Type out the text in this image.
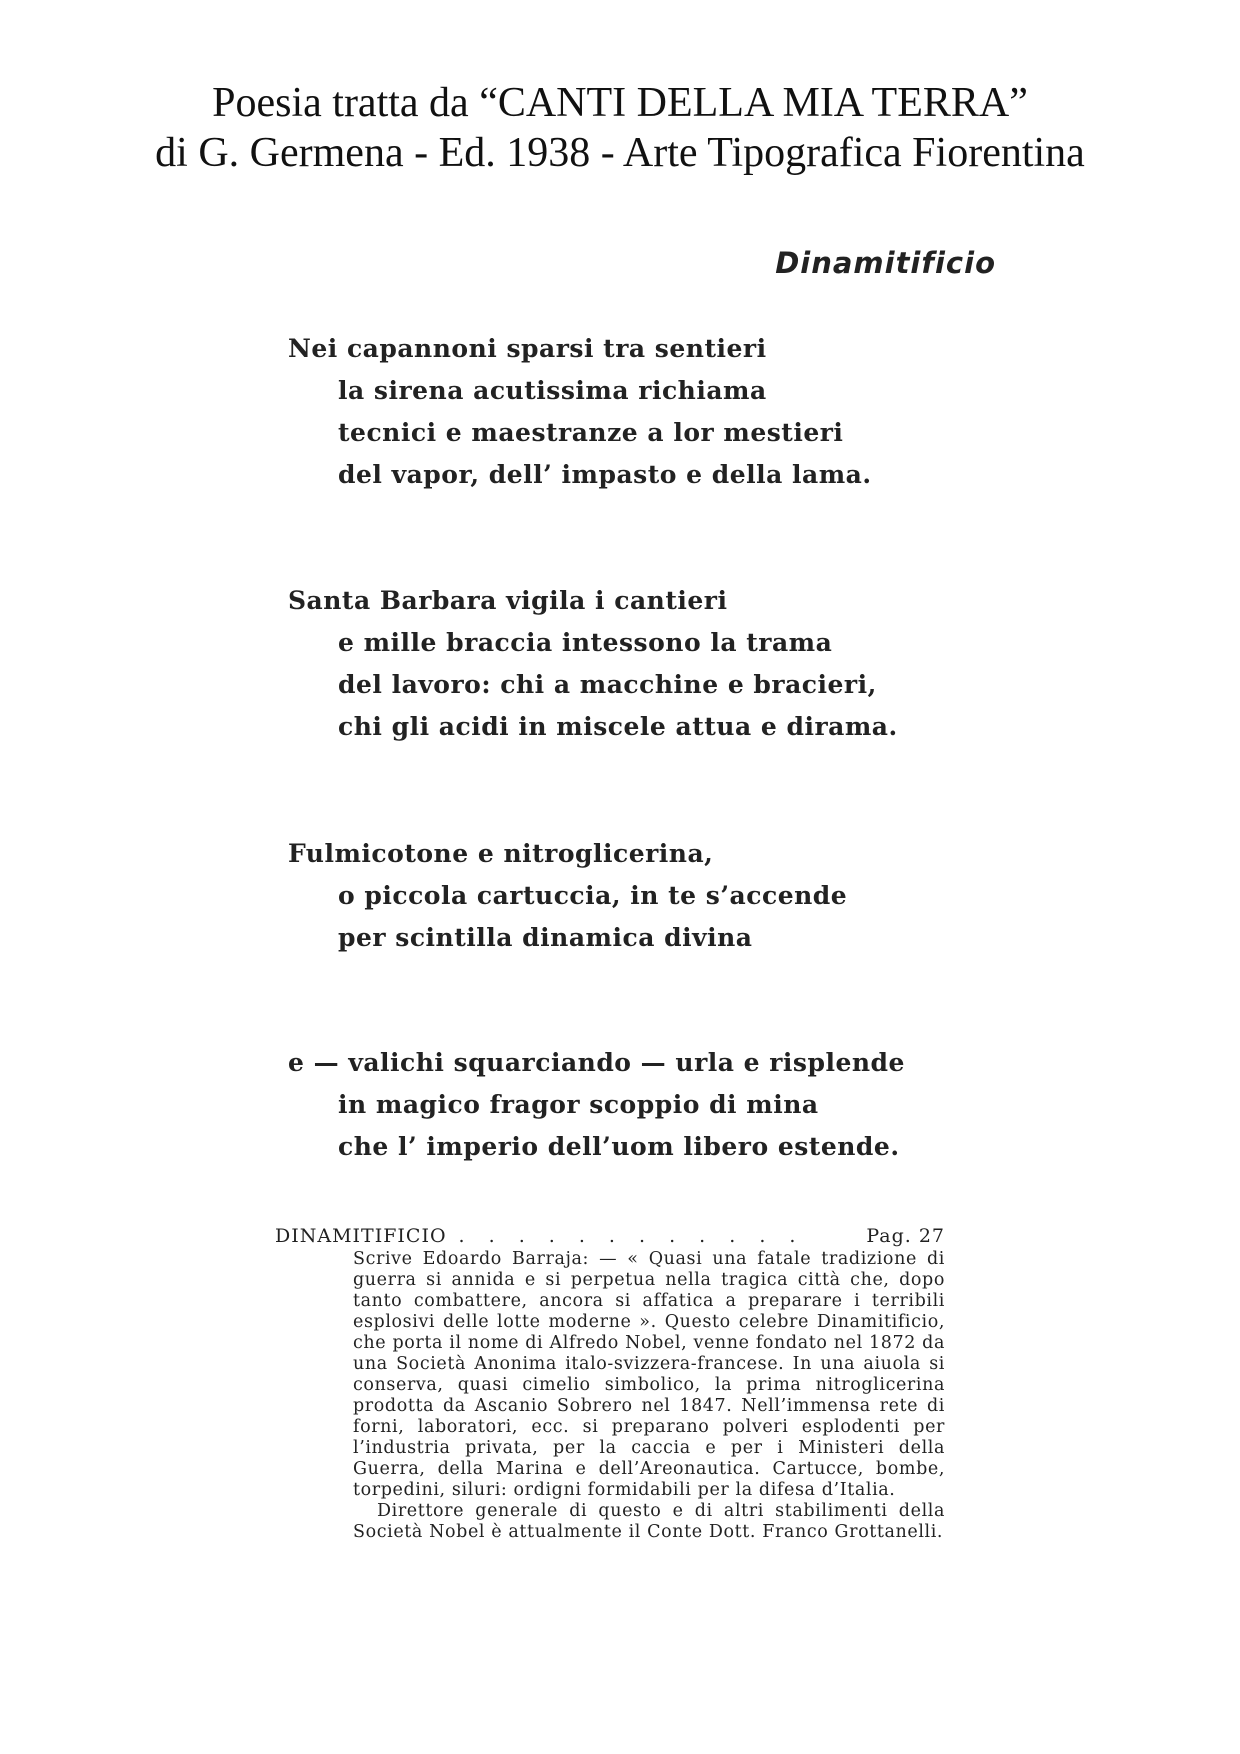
Poesia tratta da “CANTI DELLA MIA TERRA”
di G. Germena - Ed. 1938 - Arte Tipografica Fiorentina
Dinamitificio
Nei capannoni sparsi tra sentieri
la sirena acutissima richiama
tecnici e maestranze a lor mestieri
del vapor, dell’ impasto e della lama.
Santa Barbara vigila i cantieri
e mille braccia intessono la trama
del lavoro: chi a macchine e bracieri,
chi gli acidi in miscele attua e dirama.
Fulmicotone e nitroglicerina,
o piccola cartuccia, in te s’accende
per scintilla dinamica divina
e — valichi squarciando — urla e risplende
in magico fragor scoppio di mina
che l’ imperio dell’uom libero estende.
DINAMITIFICIO . . . . . . . . . . . .	Pag. 27

Scrive Edoardo Barraja: — « Quasi una fatale tradizione di guerra si annida e si perpetua nella tragica città che, dopo tanto combattere, ancora si affatica a preparare i terribili esplosivi delle lotte moderne ». Questo celebre Dinamitificio, che porta il nome di Alfredo Nobel, venne fondato nel 1872 da una Società Anonima italo-svizzera-francese. In una aiuola si conserva, quasi cimelio simbolico, la prima nitroglicerina prodotta da Ascanio Sobrero nel 1847. Nell’immensa rete di forni, laboratori, ecc. si preparano polveri esplodenti per l’industria privata, per la caccia e per i Ministeri della Guerra, della Marina e dell’Areonautica. Cartucce, bombe, torpedini, siluri: ordigni formidabili per la difesa d’Italia.

Direttore generale di questo e di altri stabilimenti della Società Nobel è attualmente il Conte Dott. Franco Grottanelli.
